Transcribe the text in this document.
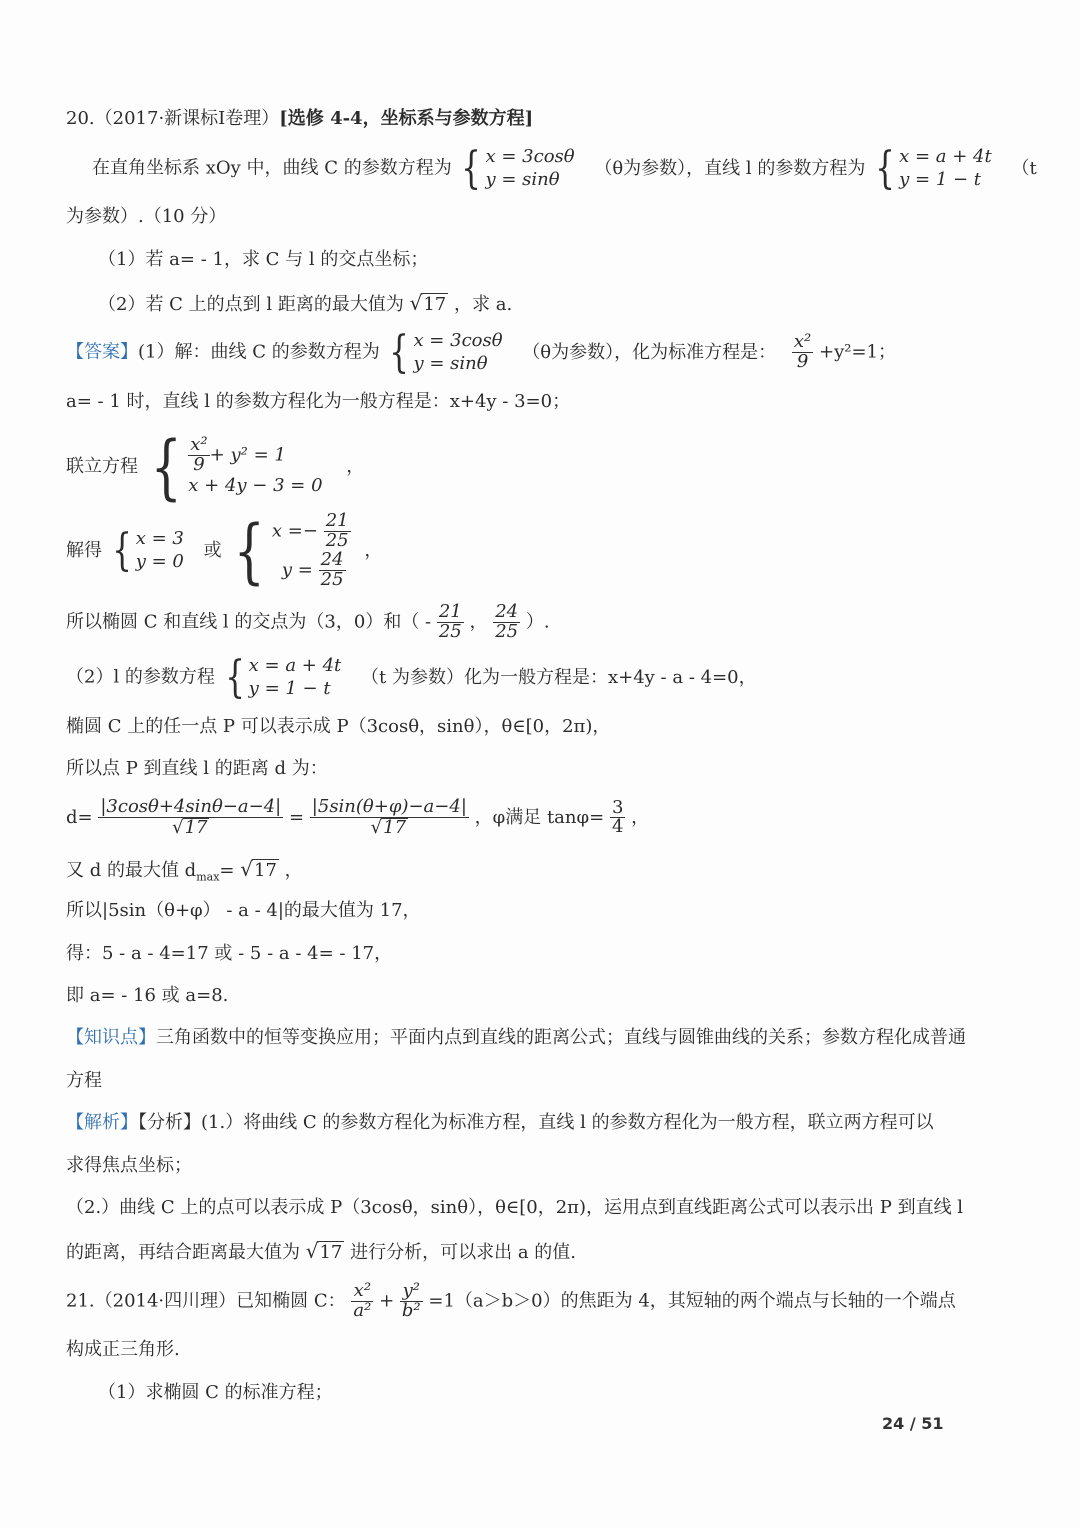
20.（2017·新课标Ⅰ卷理）[选修 4-4，坐标系与参数方程]
在直角坐标系 xOy 中，曲线 C 的参数方程为 { x = 3cosθ
y = sinθ
（θ为参数），直线 l 的参数方程为 { x = a + 4t
y = 1 − t
（t
为参数）.（10 分）
（1）若 a= - 1，求 C 与 l 的交点坐标；
（2）若 C 上的点到 l 距离的最大值为 √17 ，求 a.
【答案】(1）解：曲线 C 的参数方程为 { x = 3cosθ
y = sinθ
（θ为参数），化为标准方程是： $\frac{\text{x²}}{9} +y^2=1$；
a= - 1 时，直线 l 的参数方程化为一般方程是：x+4y - 3=0；
联立方程 { $\frac{\text{x²}}{9} + y^2 = 1$
x + 4y − 3 = 0
，
解得 { x = 3
y = 0
或 { $x =- \frac{21}{25}$
$y = \frac{24}{25}$
，
所以椭圆 C 和直线 l 的交点为（3，0）和（ - $\frac{21}{25}$ ， $\frac{24}{25}$ ）.
（2）l 的参数方程 { x = a + 4t
y = 1 − t
（t 为参数）化为一般方程是：x+4y - a - 4=0，
椭圆 C 上的任一点 P 可以表示成 P（3cosθ，sinθ），θ∈[0，2π)，
所以点 P 到直线 l 的距离 d 为：
$d= \frac{|3\cos\theta+4\sin\theta-a-4|}{√17} = \frac{|5\sin(\theta+\varphi)-a-4|}{√17}$ ，φ满足 $\tan\varphi= \frac{3}{4}$ ，
又 d 的最大值 $d_{max}= √17$ ，
所以|5sin（θ+φ） - a - 4|的最大值为 17，
得：5 - a - 4=17 或 - 5 - a - 4= - 17，
即 a= - 16 或 a=8.
【知识点】三角函数中的恒等变换应用；平面内点到直线的距离公式；直线与圆锥曲线的关系；参数方程化成普通
方程
【解析】【分析】(1.）将曲线 C 的参数方程化为标准方程，直线 l 的参数方程化为一般方程，联立两方程可以
求得焦点坐标；
（2.）曲线 C 上的点可以表示成 P（3cosθ，sinθ），θ∈[0，2π)，运用点到直线距离公式可以表示出 P 到直线 l
的距离，再结合距离最大值为 √17 进行分析，可以求出 a 的值.
21.（2014·四川理）已知椭圆 C： $\frac{\text{x²}}{\text{a²}} + \frac{\text{y²}}{\text{b²}} =1(a>b>0)$的焦距为 4，其短轴的两个端点与长轴的一个端点
构成正三角形.
（1）求椭圆 C 的标准方程；
24 / 51
